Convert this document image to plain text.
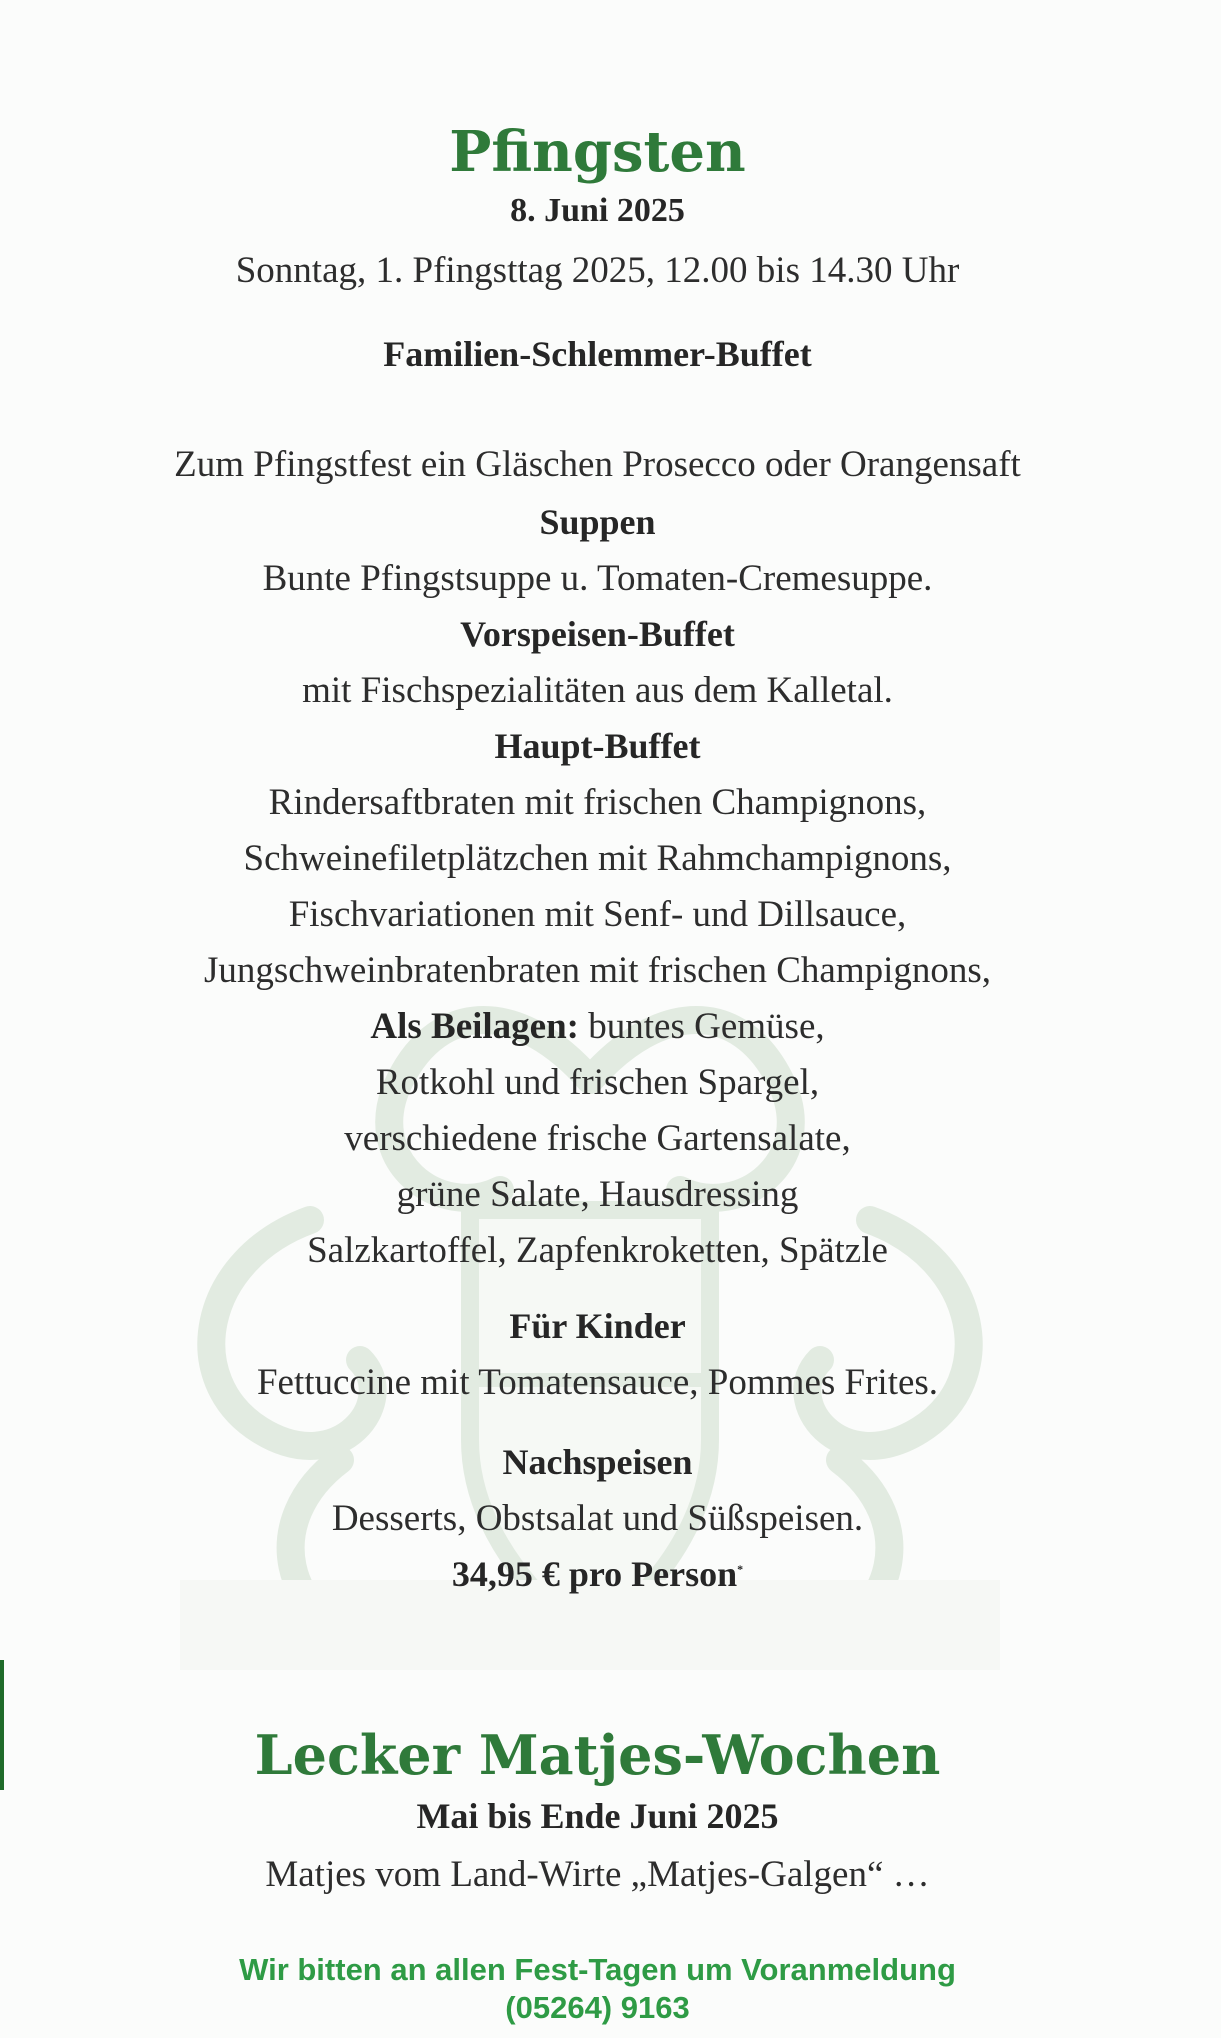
Pfingsten
8. Juni 2025
Sonntag, 1. Pfingsttag 2025, 12.00 bis 14.30 Uhr
Familien-Schlemmer-Buffet
Zum Pfingstfest ein Gläschen Prosecco oder Orangensaft
Suppen
Bunte Pfingstsuppe u. Tomaten-Cremesuppe.
Vorspeisen-Buffet
mit Fischspezialitäten aus dem Kalletal.
Haupt-Buffet
Rindersaftbraten mit frischen Champignons,
Schweinefiletplätzchen mit Rahmchampignons,
Fischvariationen mit Senf- und Dillsauce,
Jungschweinbratenbraten mit frischen Champignons,
Als Beilagen: buntes Gemüse,
Rotkohl und frischen Spargel,
verschiedene frische Gartensalate,
grüne Salate, Hausdressing
Salzkartoffel, Zapfenkroketten, Spätzle
Für Kinder
Fettuccine mit Tomatensauce, Pommes Frites.
Nachspeisen
Desserts, Obstsalat und Süßspeisen.
34,95 € pro Person*
Lecker Matjes-Wochen
Mai bis Ende Juni 2025
Matjes vom Land-Wirte „Matjes-Galgen“ …
Wir bitten an allen Fest-Tagen um Voranmeldung
(05264) 9163
